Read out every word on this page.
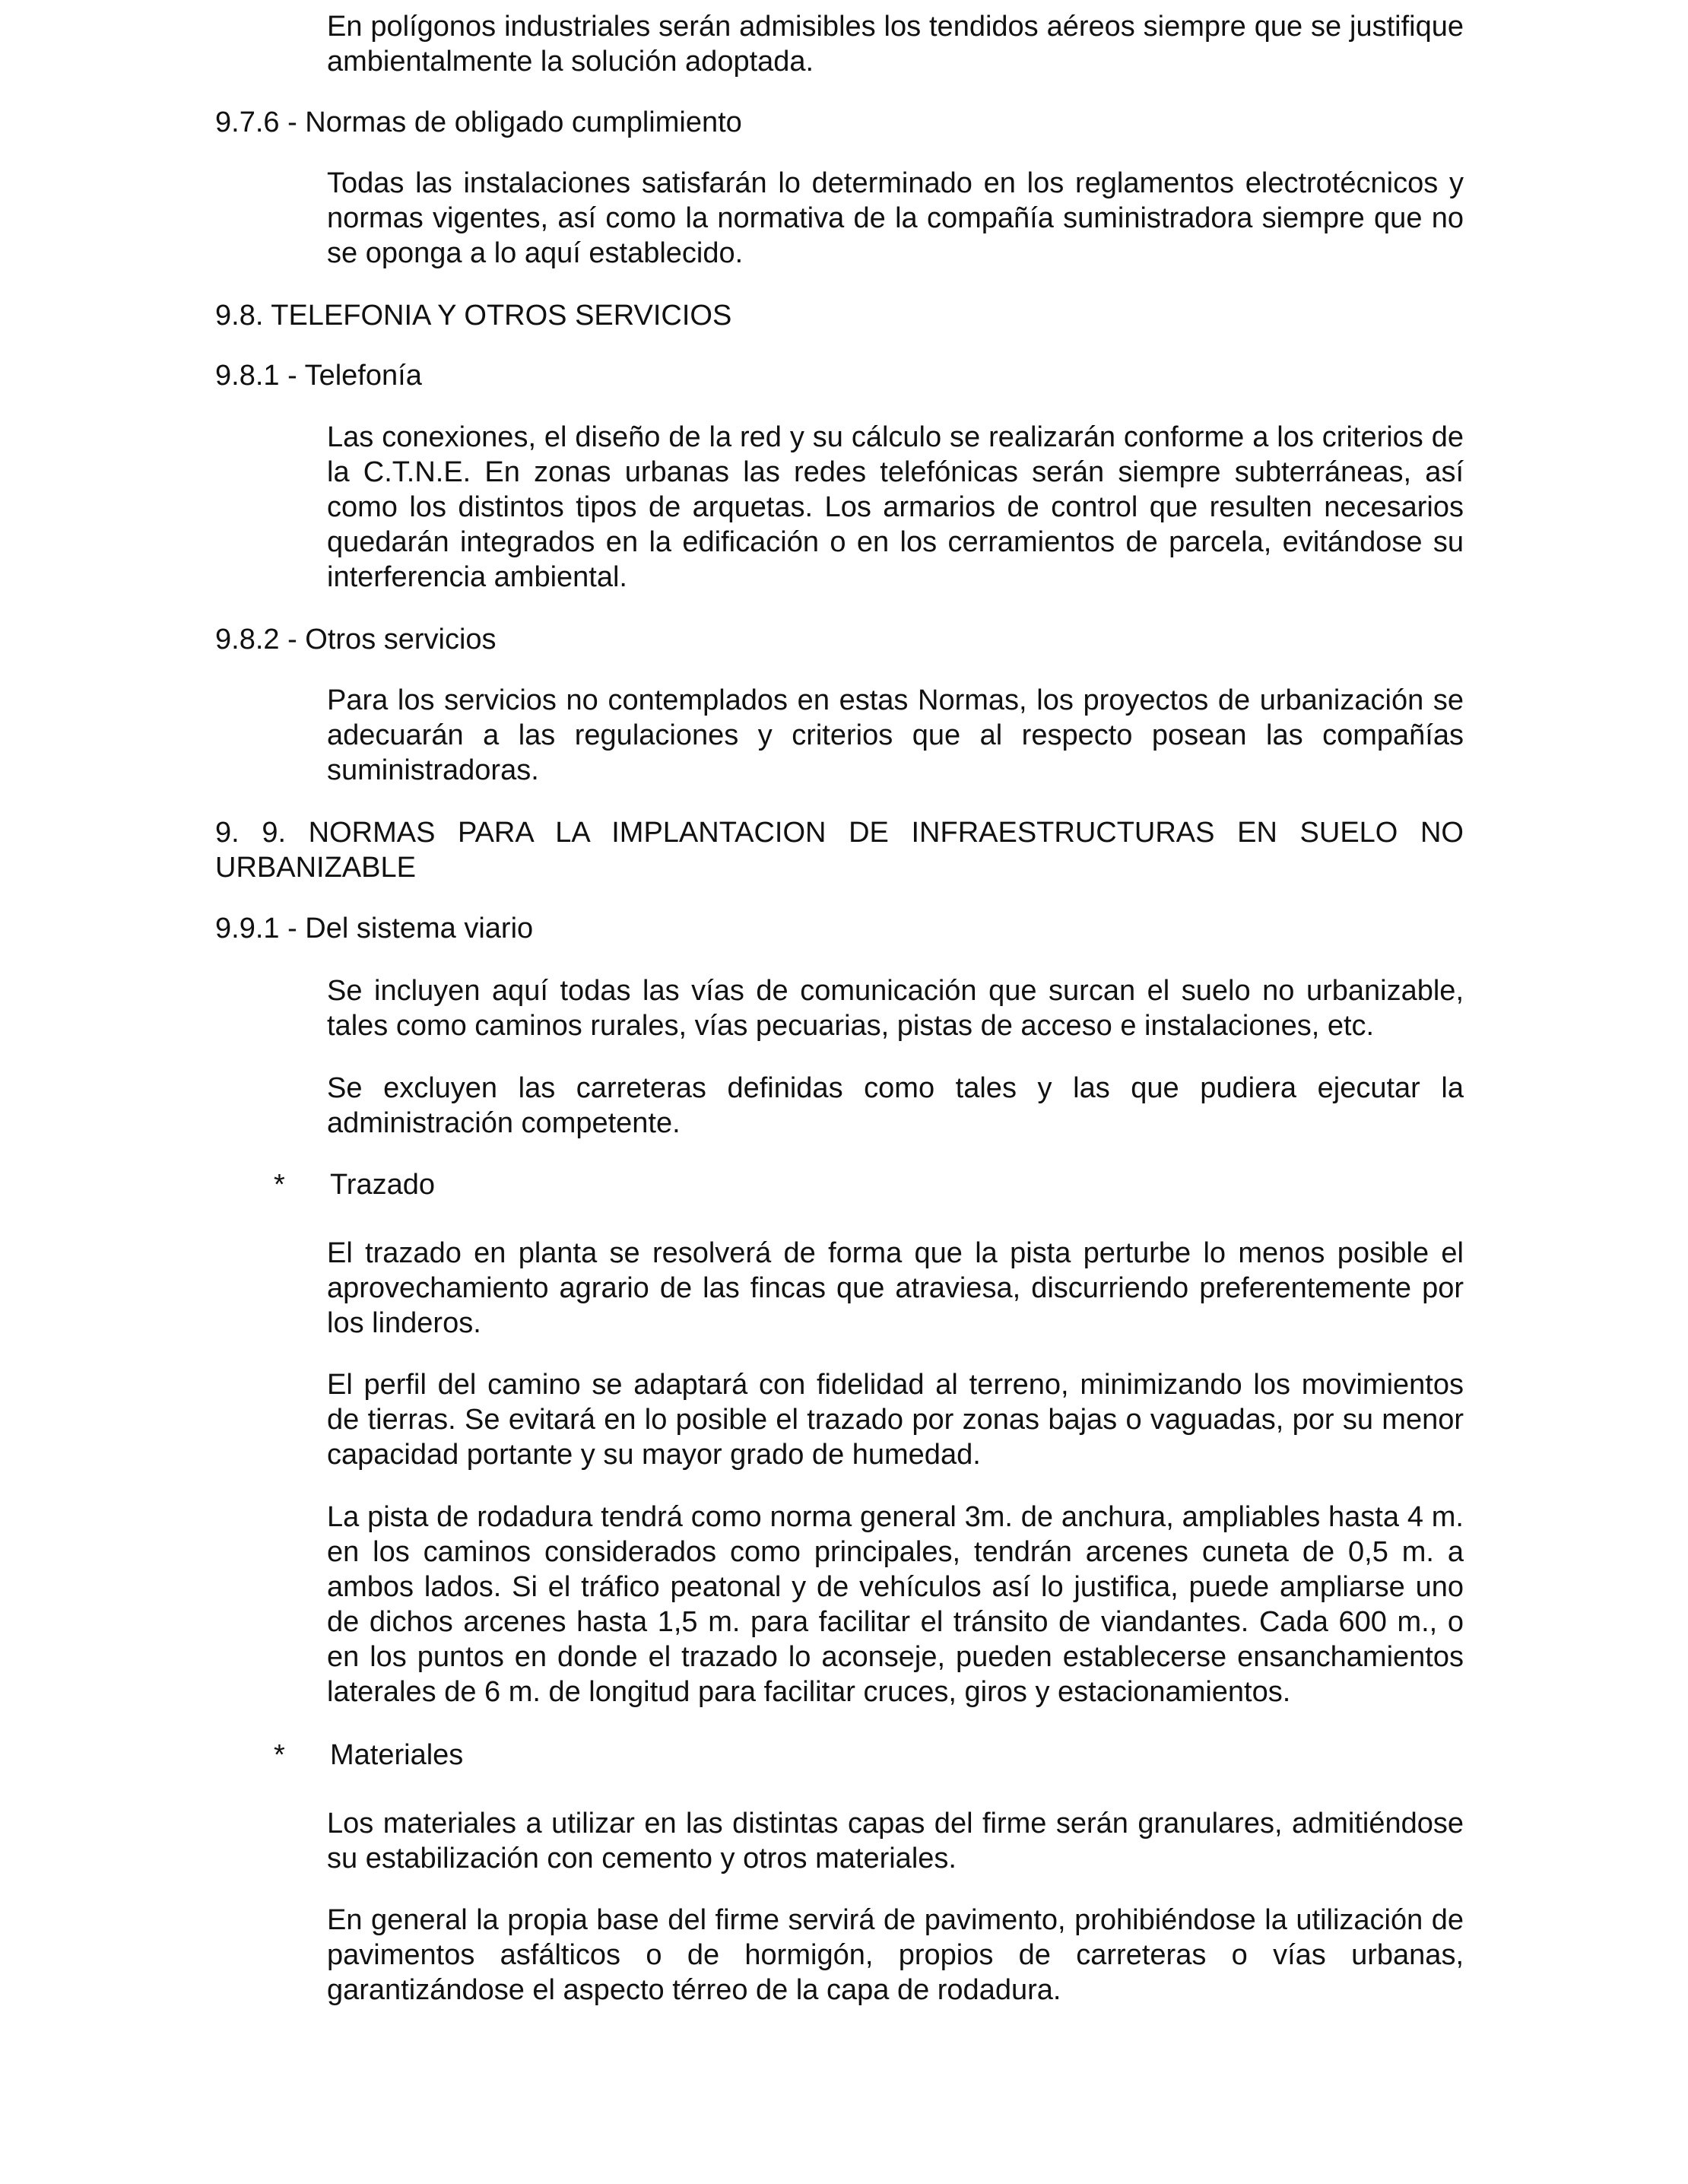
En polígonos industriales serán admisibles los tendidos aéreos siempre que se justifique ambientalmente la solución adoptada.

9.7.6 - Normas de obligado cumplimiento

Todas las instalaciones satisfarán lo determinado en los reglamentos electrotécnicos y normas vigentes, así como la normativa de la compañía suministradora siempre que no se oponga a lo aquí establecido.

9.8. TELEFONIA Y OTROS SERVICIOS

9.8.1 - Telefonía

Las conexiones, el diseño de la red y su cálculo se realizarán conforme a los criterios de la C.T.N.E. En zonas urbanas las redes telefónicas serán siempre subterráneas, así como los distintos tipos de arquetas. Los armarios de control que resulten necesarios quedarán integrados en la edificación o en los cerramientos de parcela, evitándose su interferencia ambiental.

9.8.2 - Otros servicios

Para los servicios no contemplados en estas Normas, los proyectos de urbanización se adecuarán a las regulaciones y criterios que al respecto posean las compañías suministradoras.

9. 9. NORMAS PARA LA IMPLANTACION DE INFRAESTRUCTURAS EN SUELO NO URBANIZABLE

9.9.1 - Del sistema viario

Se incluyen aquí todas las vías de comunicación que surcan el suelo no urbanizable, tales como caminos rurales, vías pecuarias, pistas de acceso e instalaciones, etc.

Se excluyen las carreteras definidas como tales y las que pudiera ejecutar la administración competente.

* Trazado

El trazado en planta se resolverá de forma que la pista perturbe lo menos posible el aprovechamiento agrario de las fincas que atraviesa, discurriendo preferentemente por los linderos.

El perfil del camino se adaptará con fidelidad al terreno, minimizando los movimientos de tierras. Se evitará en lo posible el trazado por zonas bajas o vaguadas, por su menor capacidad portante y su mayor grado de humedad.

La pista de rodadura tendrá como norma general 3m. de anchura, ampliables hasta 4 m. en los caminos considerados como principales, tendrán arcenes cuneta de 0,5 m. a ambos lados. Si el tráfico peatonal y de vehículos así lo justifica, puede ampliarse uno de dichos arcenes hasta 1,5 m. para facilitar el tránsito de viandantes. Cada 600 m., o en los puntos en donde el trazado lo aconseje, pueden establecerse ensanchamientos laterales de 6 m. de longitud para facilitar cruces, giros y estacionamientos.

* Materiales

Los materiales a utilizar en las distintas capas del firme serán granulares, admitiéndose su estabilización con cemento y otros materiales.

En general la propia base del firme servirá de pavimento, prohibiéndose la utilización de pavimentos asfálticos o de hormigón, propios de carreteras o vías urbanas, garantizándose el aspecto térreo de la capa de rodadura.
